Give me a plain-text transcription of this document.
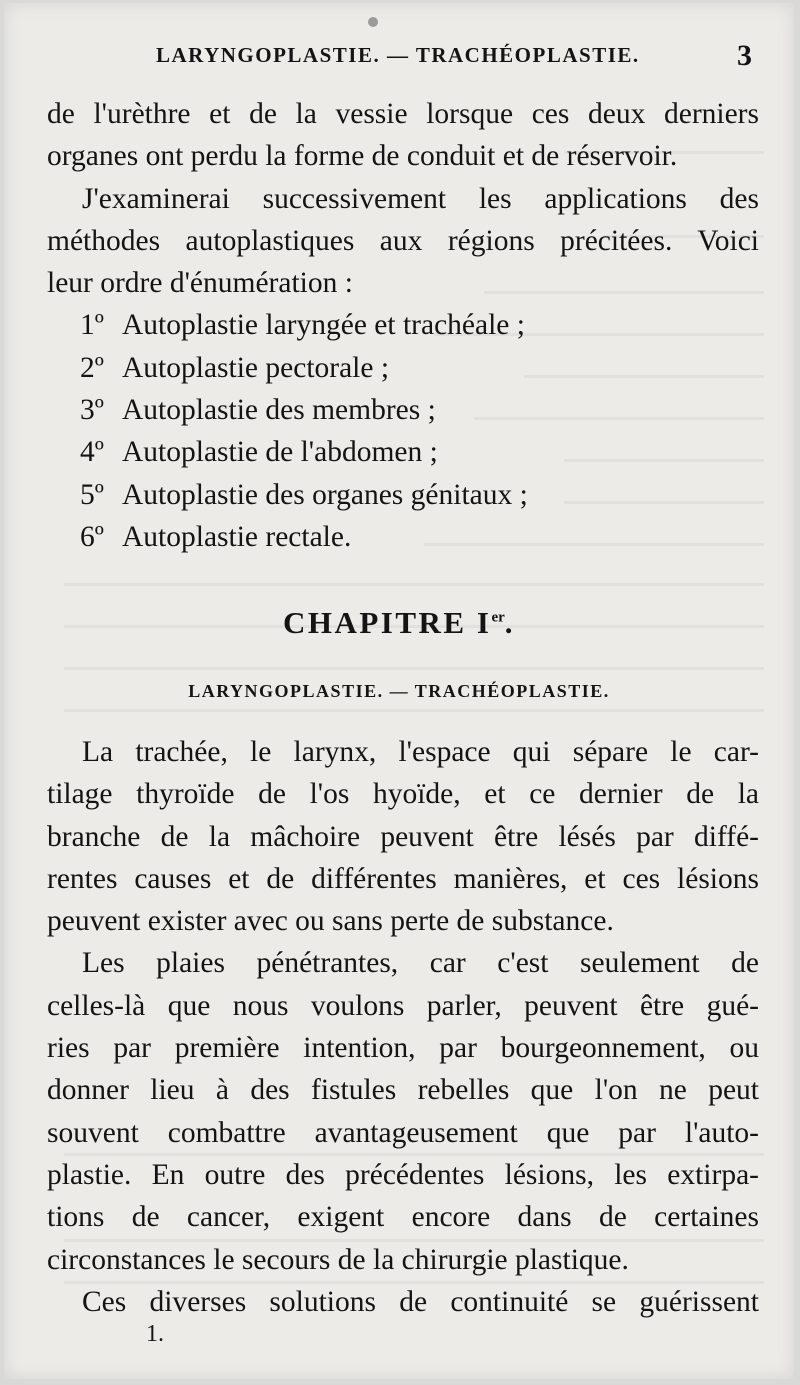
LARYNGOPLASTIE. — TRACHÉOPLASTIE.	3
de l'urèthre et de la vessie lorsque ces deux derniers
organes ont perdu la forme de conduit et de réservoir.
J'examinerai successivement les applications des
méthodes autoplastiques aux régions précitées. Voici
leur ordre d'énumération :
1º Autoplastie laryngée et trachéale ;
2º Autoplastie pectorale ;
3º Autoplastie des membres ;
4º Autoplastie de l'abdomen ;
5º Autoplastie des organes génitaux ;
6º Autoplastie rectale.
CHAPITRE Ier.
LARYNGOPLASTIE. — TRACHÉOPLASTIE.
La trachée, le larynx, l'espace qui sépare le car-
tilage thyroïde de l'os hyoïde, et ce dernier de la
branche de la mâchoire peuvent être lésés par diffé-
rentes causes et de différentes manières, et ces lésions
peuvent exister avec ou sans perte de substance.
Les plaies pénétrantes, car c'est seulement de
celles-là que nous voulons parler, peuvent être gué-
ries par première intention, par bourgeonnement, ou
donner lieu à des fistules rebelles que l'on ne peut
souvent combattre avantageusement que par l'auto-
plastie. En outre des précédentes lésions, les extirpa-
tions de cancer, exigent encore dans de certaines
circonstances le secours de la chirurgie plastique.
Ces diverses solutions de continuité se guérissent
1.
